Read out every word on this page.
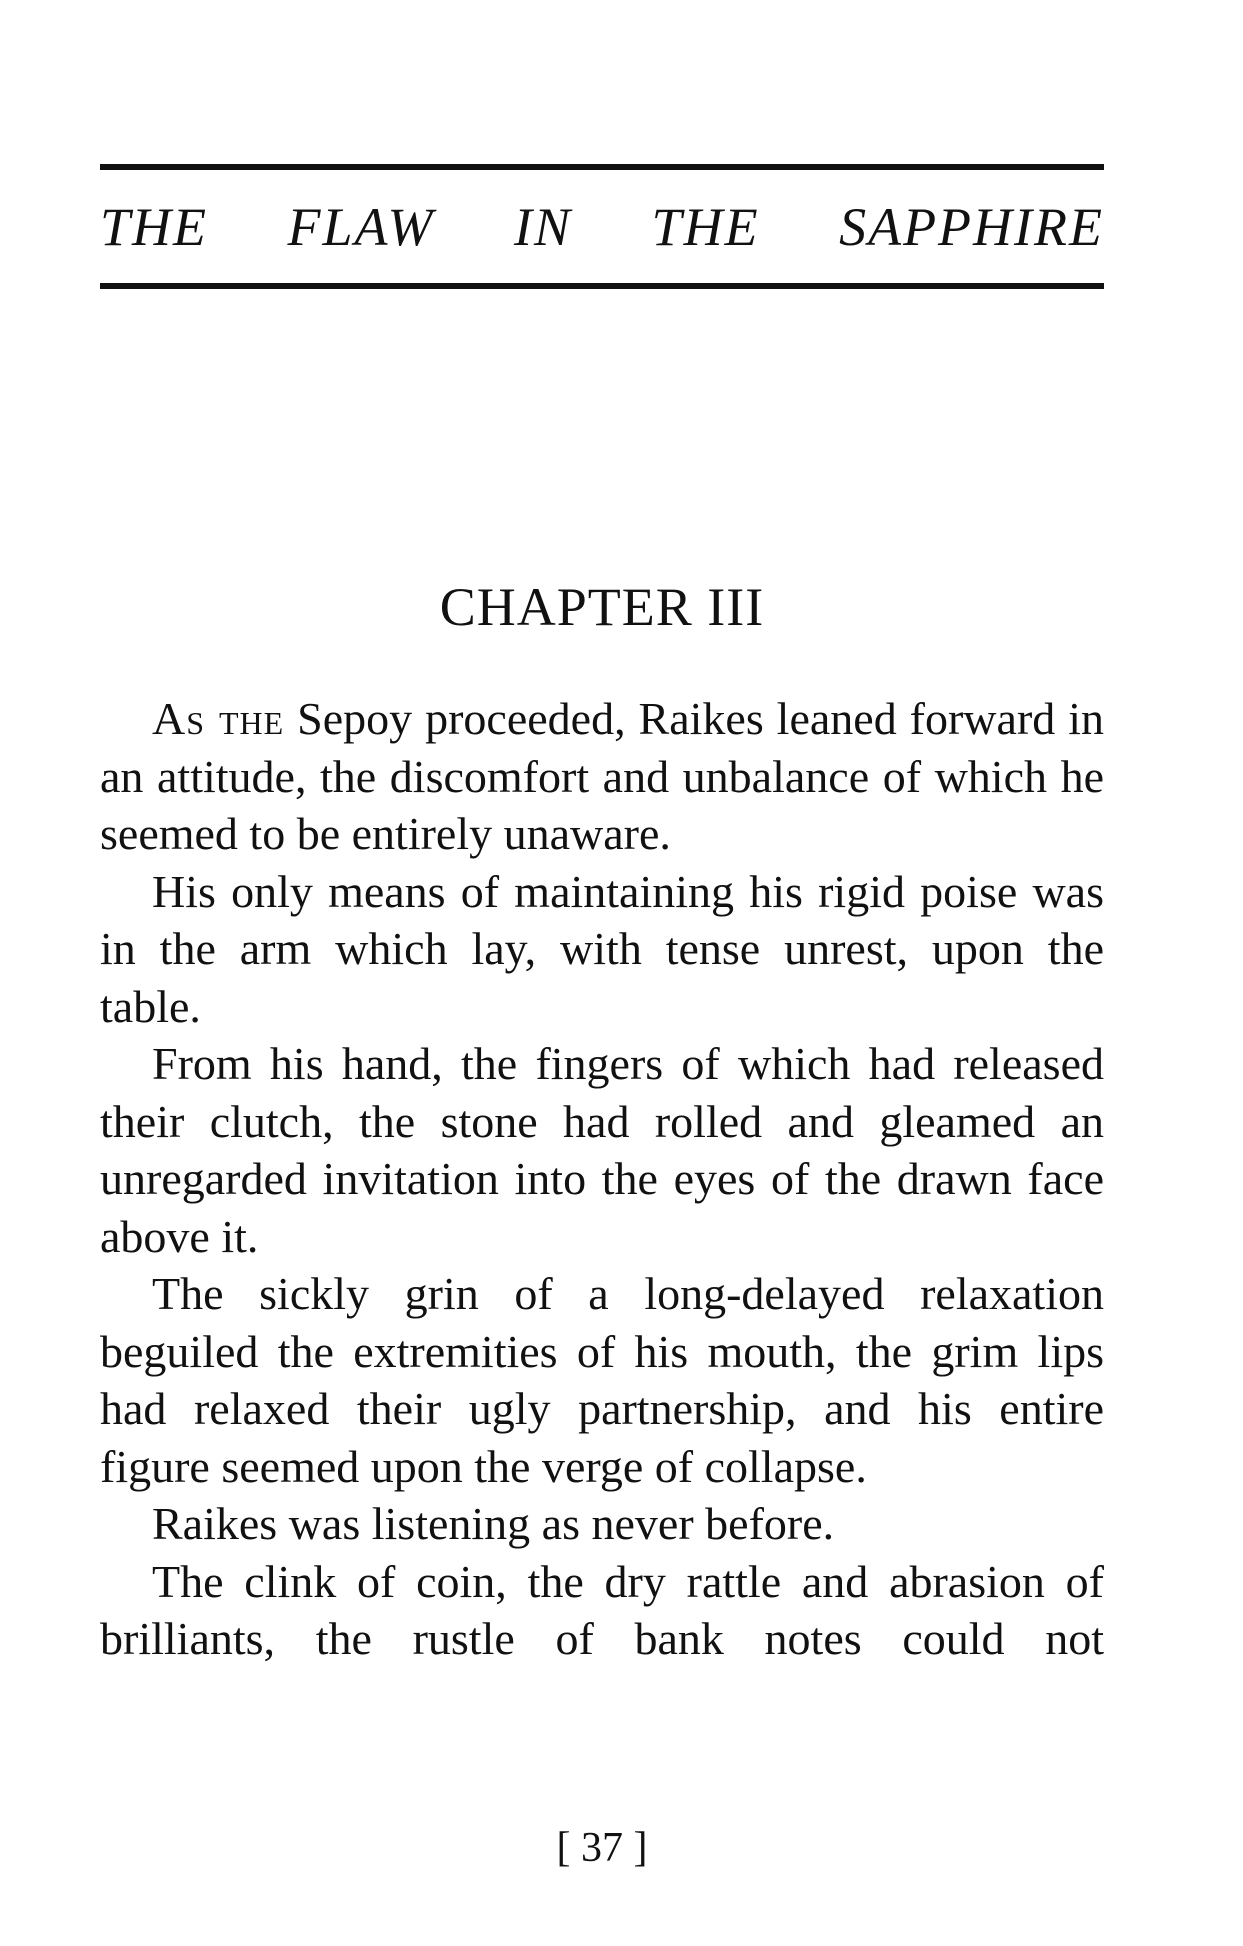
THE FLAW IN THE SAPPHIRE
CHAPTER III

As the Sepoy proceeded, Raikes leaned forward in an attitude, the discomfort and unbalance of which he seemed to be entirely unaware.

His only means of maintaining his rigid poise was in the arm which lay, with tense unrest, upon the table.

From his hand, the fingers of which had released their clutch, the stone had rolled and gleamed an unregarded invitation into the eyes of the drawn face above it.

The sickly grin of a long-delayed relaxation beguiled the extremities of his mouth, the grim lips had relaxed their ugly partnership, and his entire figure seemed upon the verge of collapse.

Raikes was listening as never before.

The clink of coin, the dry rattle and abrasion of brilliants, the rustle of bank notes could not

[ 37 ]
